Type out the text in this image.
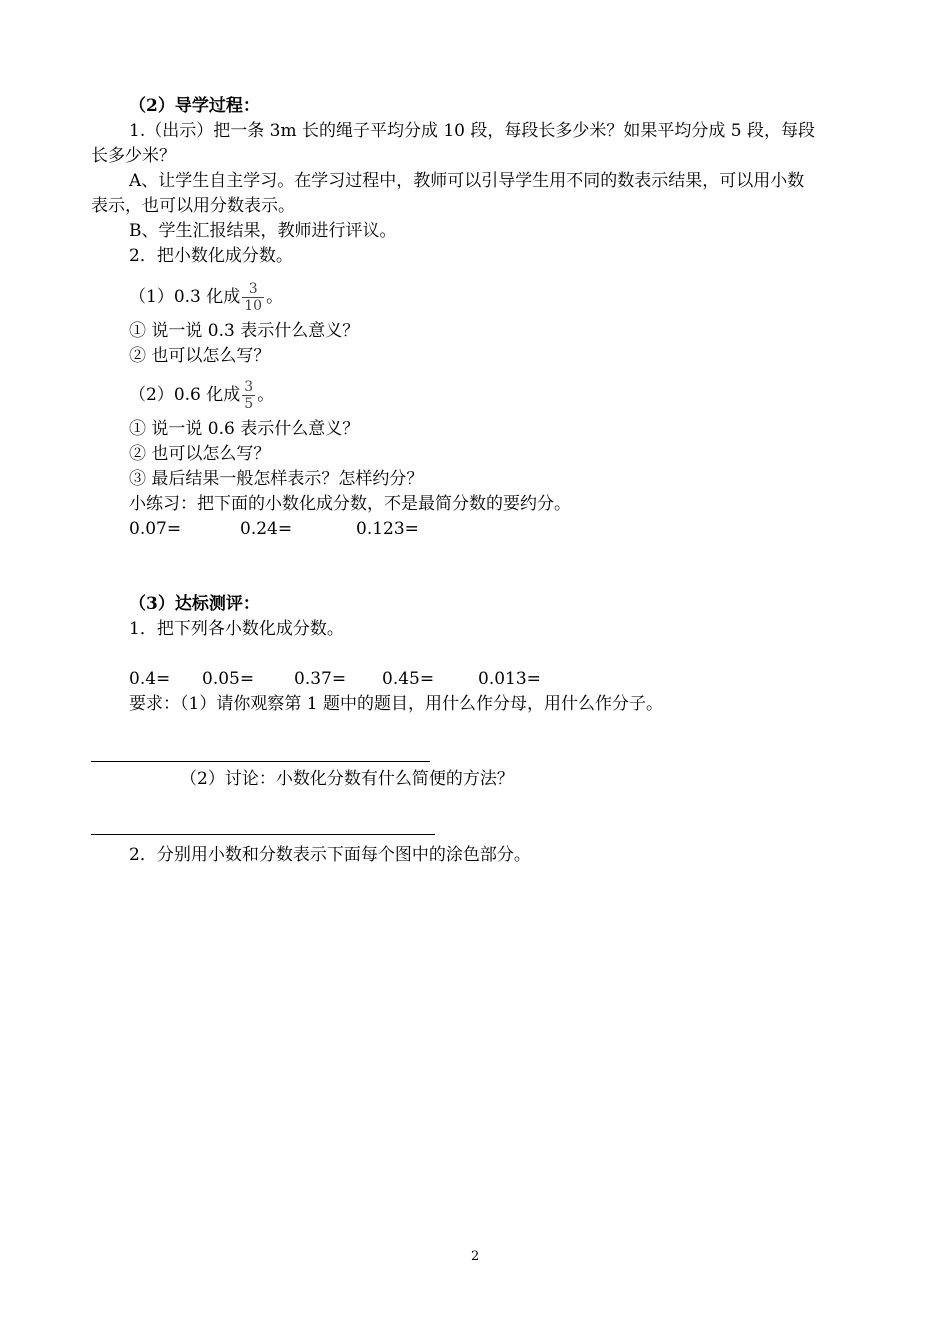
（2）导学过程：
1.（出示）把一条 3m 长的绳子平均分成 10 段，每段长多少米？如果平均分成 5 段，每段
长多少米？
A、让学生自主学习。在学习过程中，教师可以引导学生用不同的数表示结果，可以用小数
表示，也可以用分数表示。
B、学生汇报结果，教师进行评议。
2．把小数化成分数。
（1）0.3 化成 $\frac{3}{10}$ 。
① 说一说 0.3 表示什么意义？
② 也可以怎么写？
（2）0.6 化成 $\frac{3}{5}$ 。
① 说一说 0.6 表示什么意义？
② 也可以怎么写？
③ 最后结果一般怎样表示？怎样约分？
小练习：把下面的小数化成分数，不是最简分数的要约分。
0.07=	0.24=	0.123=
（3）达标测评：
1．把下列各小数化成分数。
0.4= 0.05= 0.37= 0.45=	0.013=
要求：（1）请你观察第 1 题中的题目，用什么作分母，用什么作分子。
（2）讨论：小数化分数有什么简便的方法？
2．分别用小数和分数表示下面每个图中的涂色部分。
2
